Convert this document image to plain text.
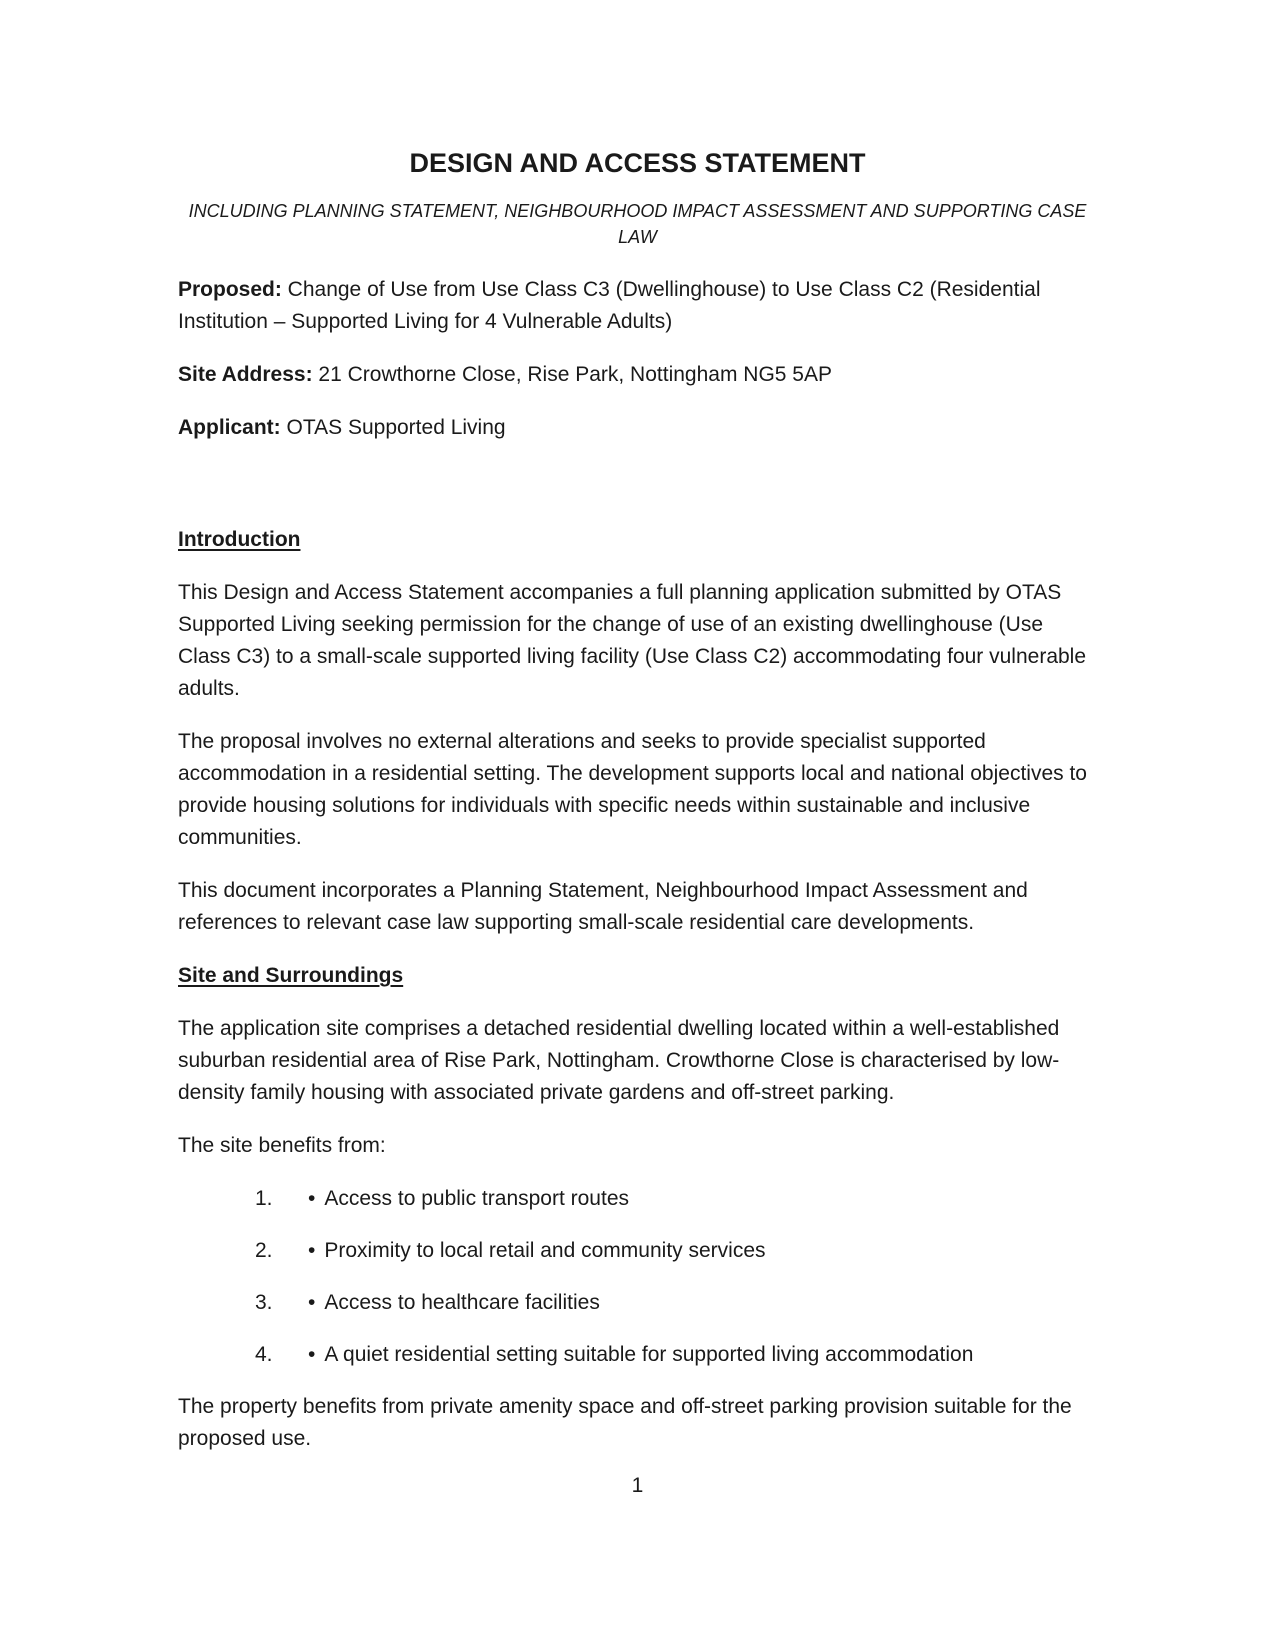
DESIGN AND ACCESS STATEMENT
INCLUDING PLANNING STATEMENT, NEIGHBOURHOOD IMPACT ASSESSMENT AND SUPPORTING CASE LAW

Proposed: Change of Use from Use Class C3 (Dwellinghouse) to Use Class C2 (Residential Institution – Supported Living for 4 Vulnerable Adults)

Site Address: 21 Crowthorne Close, Rise Park, Nottingham NG5 5AP

Applicant: OTAS Supported Living

Introduction

This Design and Access Statement accompanies a full planning application submitted by OTAS Supported Living seeking permission for the change of use of an existing dwellinghouse (Use Class C3) to a small-scale supported living facility (Use Class C2) accommodating four vulnerable adults.

The proposal involves no external alterations and seeks to provide specialist supported accommodation in a residential setting. The development supports local and national objectives to provide housing solutions for individuals with specific needs within sustainable and inclusive communities.

This document incorporates a Planning Statement, Neighbourhood Impact Assessment and references to relevant case law supporting small-scale residential care developments.

Site and Surroundings

The application site comprises a detached residential dwelling located within a well-established suburban residential area of Rise Park, Nottingham. Crowthorne Close is characterised by low-density family housing with associated private gardens and off-street parking.

The site benefits from:

1.	• Access to public transport routes
2.	• Proximity to local retail and community services
3.	• Access to healthcare facilities
4.	• A quiet residential setting suitable for supported living accommodation

The property benefits from private amenity space and off-street parking provision suitable for the proposed use.

1
